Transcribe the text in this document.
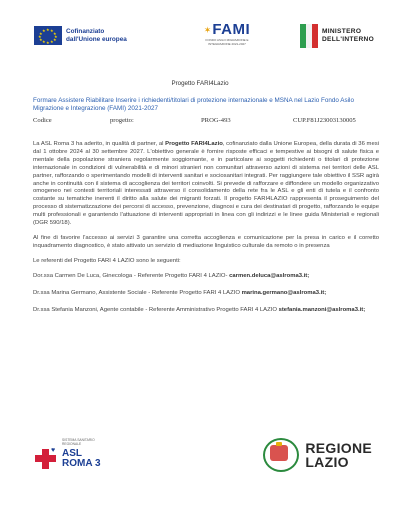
★ ★
★
★
★
★
★
★
★
★
★
★	Cofinanziato
dall'Unione europea
✶ FAMI
FONDO ASILO MIGRAZIONE E INTEGRAZIONE 2021-2027
MINISTERO
DELL'INTERNO
Progetto FARI4Lazio
Formare Assistere Riabilitare Inserire i richiedenti/titolari di protezione internazionale e MSNA nel Lazio Fondo Asilo Migrazione e Integrazione (FAMI) 2021-2027
Codice	progetto:	PROG-493	CUP.F81J23003130005

La ASL Roma 3 ha aderito, in qualità di partner, al Progetto FARI4Lazio, cofinanziato dalla Unione Europea, della durata di 36 mesi dal 1 ottobre 2024 al 30 settembre 2027. L'obiettivo generale è fornire risposte efficaci e tempestive ai bisogni di salute fisica e mentale della popolazione straniera regolarmente soggiornante, e in particolare ai soggetti richiedenti o titolari di protezione internazionale in condizioni di vulnerabilità e di minori stranieri non comunitari attraverso azioni di sistema nei territori delle ASL partner, rafforzando o sperimentando modelli di interventi sanitari e sociosanitari integrati. Per raggiungere tale obiettivo il SSR agirà anche in continuità con il sistema di accoglienza dei territori coinvolti. Si prevede di rafforzare e diffondere un modello organizzativo omogeneo nei contesti territoriali interessati attraverso il consolidamento della rete fra le ASL e gli enti di tutela e il confronto costante su tematiche inerenti il diritto alla salute dei migranti forzati. Il progetto FARI4LAZIO rappresenta il proseguimento del processo di sistematizzazione dei percorsi di accesso, prevenzione, diagnosi e cura dei destinatari di progetto, rafforzando le equipe multi professionali e garantendo l'attuazione di interventi appropriati in linea con gli indirizzi e le linee guida Ministeriali e regionali (DGR 590/18).

Al fine di favorire l'accesso ai servizi 3 garantire una corretta accoglienza e comunicazione per la presa in carico e il corretto inquadramento diagnostico, è stato attivato un servizio di mediazione linguistico culturale da remoto o in presenza

Le referenti del Progetto FARI 4 LAZIO sono le seguenti:

Dor.ssa Carmen De Luca, Ginecologa - Referente Progetto FARI 4 LAZIO- carmen.deluca@aslroma3.it;

Dr.ssa Marina Germano, Assistente Sociale - Referente Progetto FARI 4 LAZIO marina.germano@aslroma3.it;

Dr.ssa Stefania Manzoni, Agente contabile - Referente Amministrativo Progetto FARI 4 LAZIO stefania.manzoni@aslroma3.it;

♥
SISTEMA SANITARIO REGIONALE
ASL
ROMA 3
REGIONE
LAZIO
